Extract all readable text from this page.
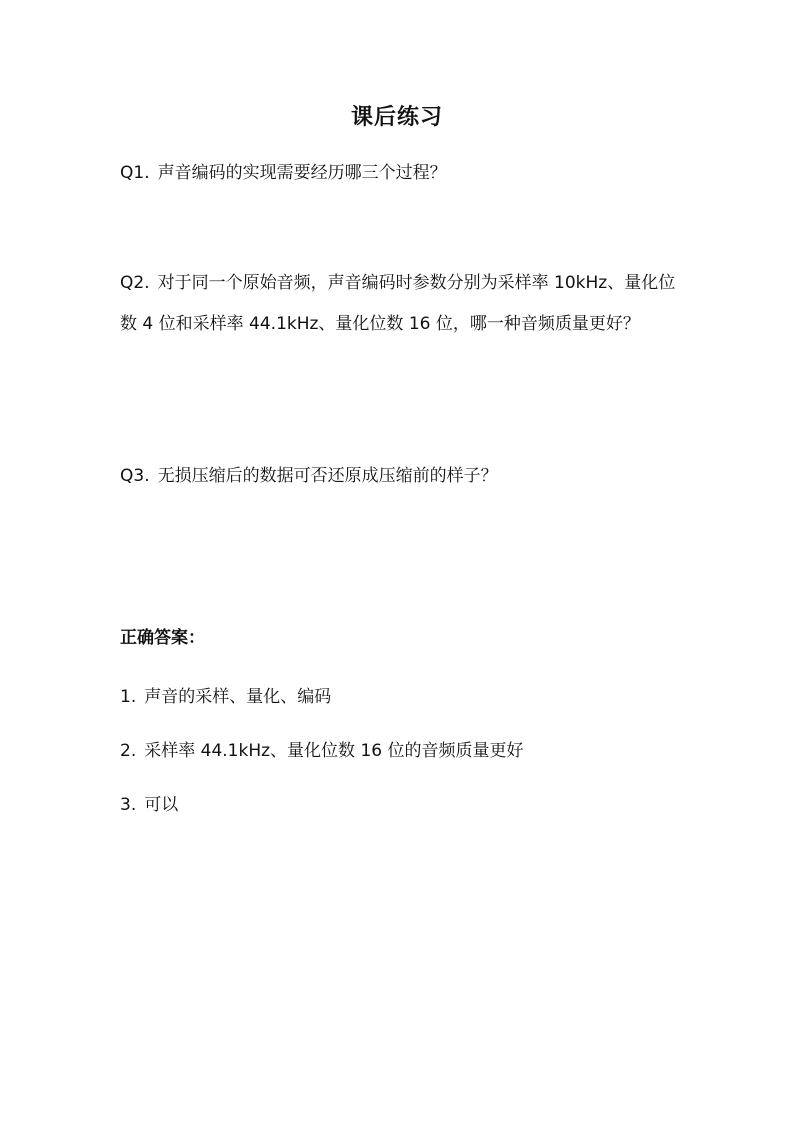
课后练习
Q1. 声音编码的实现需要经历哪三个过程？
Q2. 对于同一个原始音频，声音编码时参数分别为采样率 10kHz、量化位数 4 位和采样率 44.1kHz、量化位数 16 位，哪一种音频质量更好？
Q3. 无损压缩后的数据可否还原成压缩前的样子？
正确答案：
1. 声音的采样、量化、编码
2. 采样率 44.1kHz、量化位数 16 位的音频质量更好
3. 可以
